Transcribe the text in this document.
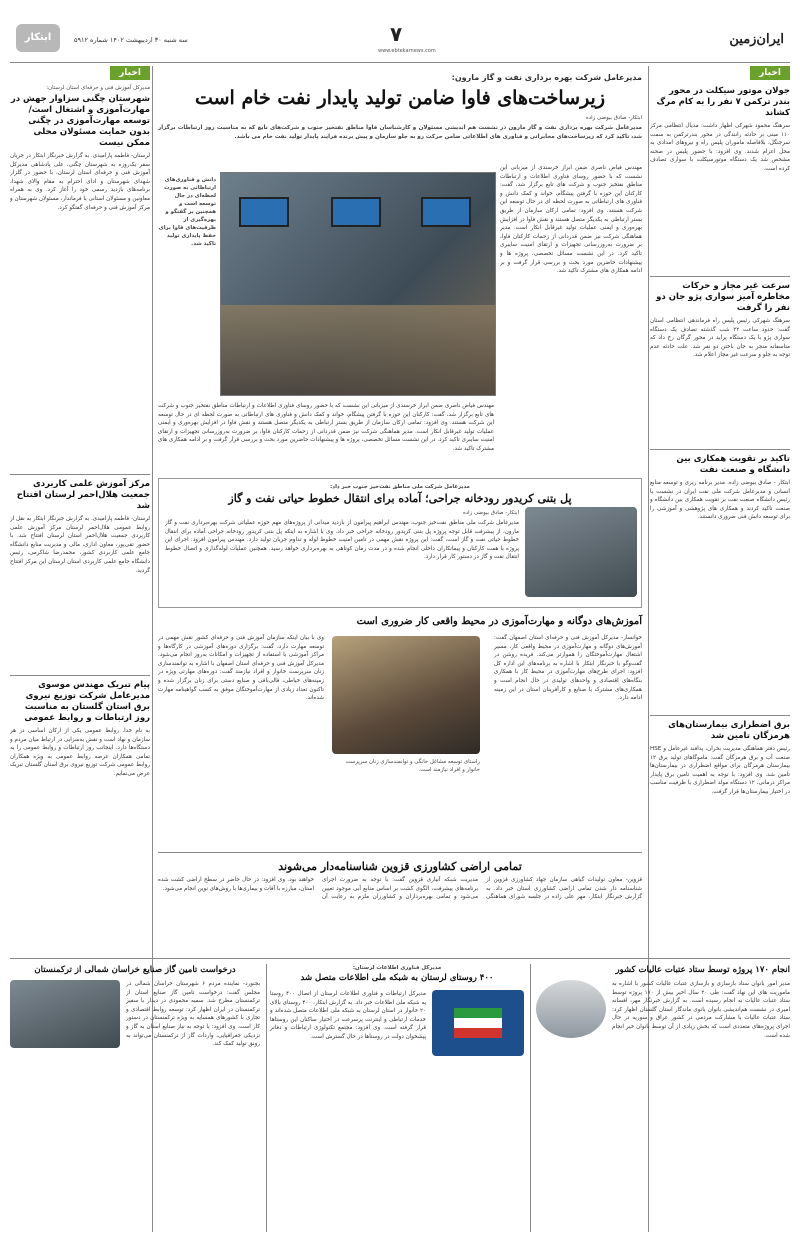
ایران‌زمین
۷
www.ebtekarnews.com
سه شنبه ۳۰ اردیبهشت ۱۴۰۲ شماره ۵۹۱۲
ابتکار
اخبار
جولان موتور سیکلت در محور بندر ترکمن ۷ نفر را به کام مرگ کشاند
سرهنگ محمود شهرکی اظهار داشت: مدیال انتظامی مرکز ۱۱۰ مبنی بر حادثه رانندگی در محور بندرترکمن به سمت سرجنگل، بلافاصله ماموران پلیس راه و نیروهای امدادی به محل اعزام شدند. وی افزود: با حضور پلیس در صحنه مشخص شد یک دستگاه موتورسیکلت با سواری تصادف کرده است.
سرعت غیر مجاز و حرکات مخاطره آمیز سواری پژو جان دو نفر را گرفت
سرهنگ شهرکی رئیس پلیس راه فرماندهی انتظامی استان گفت: حدود ساعت ۲۲ شب گذشته تصادف یک دستگاه سواری پژو با یک دستگاه پراید در محور گرگان رخ داد که متاسفانه منجر به جان باختن دو نفر شد. علت حادثه عدم توجه به جلو و سرعت غیر مجاز اعلام شد.
تاکید بر تقویت همکاری بین دانشگاه و صنعت نفت
ابتکار - صادق بیوضی زاده. مدیر برنامه ریزی و توسعه منابع انسانی و مدیرعامل شرکت ملی نفت ایران در نشست با رئیس دانشگاه صنعت نفت بر تقویت همکاری بین دانشگاه و صنعت تاکید کردند و همکاری های پژوهشی و آموزشی را برای توسعه دانش فنی ضروری دانستند.
برق اضطراری بیمارستان‌های هرمزگان تامین شد
رئیس دفتر هماهنگی مدیریت بحران، پدافند غیرعامل و HSE صنعت آب و برق هرمزگان گفت: ماموگاهای تولید برق ۱۲ بیمارستان هرمزگان برای مواقع اضطراری در بیمارستان‌ها تامین شد. وی افزود: با توجه به اهمیت تامین برق پایدار مراکز درمانی، ۱۲ دستگاه مولد اضطراری با ظرفیت مناسب در اختیار بیمارستان‌ها قرار گرفت.
اخبار
مدیرکل آموزش فنی و حرفه‌ای استان لرستان:
شهرستان چگنی سزاوار جهش در مهارت‌آموزی و اشتغال است/توسعه مهارت‌آموزی در چگنی بدون حمایت مسئولان محلی ممکن نیست
لرستان- فاطمه پارامیدی. به گزارش خبرنگار ابتکار در جریان سفر یک‌روزه به شهرستان چگنی، علی پادشاهی مدیرکل آموزش فنی و حرفه‌ای استان لرستان، با حضور در گلزار شهدای شهرستان و ادای احترام به مقام والای شهدا، برنامه‌های بازدید رسمی خود را آغاز کرد. وی به همراه معاونین و مسئولان استانی با فرماندار، مسئولان شهرستان و مرکز آموزش فنی و حرفه‌ای گفتگو کرد.
مرکز آموزش علمی کاربردی جمعیت هلال‌احمر لرستان افتتاح شد
لرستان- فاطمه پارامیدی. به گزارش خبرنگار ابتکار به نقل از روابط عمومی هلال‌احمر لرستان مرکز آموزش علمی کاربردی جمعیت هلال‌احمر استان لرستان افتتاح شد. با حضور تقی‌پور، معاون اداری، مالی و مدیریت منابع دانشگاه جامع علمی کاربردی کشور، محمدرضا شاکرمی، رئیس دانشگاه جامع علمی کاربردی استان لرستان این مرکز افتتاح گردید.
پیام تبریک مهندس موسوی مدیرعامل شرکت توزیع نیروی برق استان گلستان به مناسبت روز ارتباطات و روابط عمومی
به نام خدا. روابط عمومی یکی از ارکان اساسی در هر سازمان و نهاد است و نقش به‌سزایی در ارتباط میان مردم و دستگاه‌ها دارد. اینجانب روز ارتباطات و روابط عمومی را به تمامی همکاران عرصه روابط عمومی به ویژه همکاران روابط عمومی شرکت توزیع نیروی برق استان گلستان تبریک عرض می‌نمایم.
مدیرعامل شرکت بهره برداری نفت و گاز مارون:
زیرساخت‌های فاوا ضامن تولید پایدار نفت خام است
ابتکار- صادق بیوضی زاده
مدیرعامل شرکت بهره برداری نفت و گاز مارون در نشست هم اندیشی مسئولان و کارشناسان فاوا مناطق نفتخیز جنوب و شرکت‌های تابع که به مناسبت روز ارتباطات برگزار شد، تاکید کرد که زیرساخت‌های مخابراتی و فناوری های اطلاعاتی ضامن حرکت رو به جلو سازمان و پیش برنده فرایند پایدار تولید نفت خام می باشد.
مهندس فیاض ناصری ضمن ابراز خرسندی از میزبانی این نشست که با حضور روسای فناوری اطلاعات و ارتباطات مناطق نفتخیز جنوب و شرکت های تابع برگزار شد، گفت: کارکنان این حوزه با گرفتن پیشگام، خواند و کمک دانش و فناوری های ارتباطاتی به صورت لحظه ای در حال توسعه این شرکت هستند. وی افزود: تمامی ارکان سازمان از طریق بستر ارتباطی به یکدیگر متصل هستند و نقش فاوا در افزایش بهره‌وری و ایمنی عملیات تولید غیرقابل انکار است. مدیر هماهنگی شرکت نیز ضمن قدردانی از زحمات کارکنان فاوا، بر ضرورت به‌روزرسانی تجهیزات و ارتقای امنیت سایبری تاکید کرد. در این نشست مسائل تخصصی، پروژه ها و پیشنهادات حاضرین مورد بحث و بررسی قرار گرفت و بر ادامه همکاری های مشترک تاکید شد.
دانش و فناوری‌های ارتباطاتی به صورت لحظه‌ای در حال توسعه است و همچنین بر گفتگو و بهره‌گیری از ظرفیت‌های فاوا برای حفظ پایداری تولید تاکید شد.
مهندس فیاض ناصری ضمن ابراز خرسندی از میزبانی این نشست که با حضور روسای فناوری اطلاعات و ارتباطات مناطق نفتخیز جنوب و شرکت های تابع برگزار شد، گفت: کارکنان این حوزه با گرفتن پیشگام، خواند و کمک دانش و فناوری های ارتباطاتی به صورت لحظه ای در حال توسعه این شرکت هستند. وی افزود: تمامی ارکان سازمان از طریق بستر ارتباطی به یکدیگر متصل هستند و نقش فاوا در افزایش بهره‌وری و ایمنی عملیات تولید غیرقابل انکار است. مدیر هماهنگی شرکت نیز ضمن قدردانی از زحمات کارکنان فاوا، بر ضرورت به‌روزرسانی تجهیزات و ارتقای امنیت سایبری تاکید کرد. در این نشست مسائل تخصصی، پروژه ها و پیشنهادات حاضرین مورد بحث و بررسی قرار گرفت و بر ادامه همکاری های مشترک تاکید شد.
مدیرعامل شرکت ملی مناطق نفت‌خیز جنوب خبر داد:
پل بتنی کریدور رودخانه جراحی؛ آماده برای انتقال خطوط حیاتی نفت و گاز
ابتکار- صادق بیوضی زاده
مدیرعامل شرکت ملی مناطق نفت‌خیز جنوب، مهندس ابراهیم پیرامون از بازدید میدانی از پروژه‌های مهم حوزه عملیاتی شرکت بهره‌برداری نفت و گاز مارون، از پیشرفت قابل توجه پروژه پل بتنی کریدور رودخانه جراحی خبر داد. وی با اشاره به اینکه پل بتنی کریدور رودخانه جراحی آماده برای انتقال خطوط حیاتی نفت و گاز است، گفت: این پروژه نقش مهمی در تامین امنیت خطوط لوله و تداوم جریان تولید دارد. مهندس پیرامون افزود: اجرای این پروژه با همت کارکنان و پیمانکاران داخلی انجام شده و در مدت زمان کوتاهی به بهره‌برداری خواهد رسید. همچنین عملیات لوله‌گذاری و اتصال خطوط انتقال نفت و گاز در دستور کار قرار دارد.
آموزش‌های دوگانه و مهارت‌آموزی در محیط واقعی کار ضروری است
خوانسار- مدیرکل آموزش فنی و حرفه‌ای استان اصفهان گفت: آموزش‌های دوگانه و مهارت‌آموزی در محیط واقعی کار، مسیر اشتغال مهارت‌آموختگان را هموارتر می‌کند. فریده روشن در گفت‌وگو با خبرنگار ابتکار با اشاره به برنامه‌های این اداره کل افزود: اجرای طرح‌های مهارت‌آموزی در محیط کار با همکاری بنگاه‌های اقتصادی و واحدهای تولیدی در حال انجام است و همکاری‌های مشترک با صنایع و کارآفرینان استان در این زمینه ادامه دارد.
راستای توسعه مشاغل خانگی و توانمندسازی زنان سرپرست خانوار و افراد نیازمند است.
وی با بیان اینکه سازمان آموزش فنی و حرفه‌ای کشور نقش مهمی در توسعه مهارت دارد، گفت: برگزاری دوره‌های آموزشی در کارگاه‌ها و مراکز آموزشی با استفاده از تجهیزات و امکانات به‌روز انجام می‌شود. مدیرکل آموزش فنی و حرفه‌ای استان اصفهان با اشاره به توانمندسازی زنان سرپرست خانوار و افراد نیازمند گفت: دوره‌های مهارتی ویژه در زمینه‌های خیاطی، قالی‌بافی و صنایع دستی برای زنان برگزار شده و تاکنون تعداد زیادی از مهارت‌آموختگان موفق به کسب گواهینامه مهارت شده‌اند.
تمامی اراضی کشاورزی قزوین شناسنامه‌دار می‌شوند
قزوین- معاون تولیدات گیاهی سازمان جهاد کشاورزی قزوین از شناسنامه دار شدن تمامی اراضی کشاورزی استان خبر داد. به گزارش خبرنگار ابتکار، مهر علی زاده در جلسه شورای هماهنگی مدیریت شبکه آبیاری قزوین گفت: با توجه به ضرورت اجرای برنامه‌های پیشرفت، الگوی کشت بر اساس منابع آبی موجود تعیین می‌شود و تمامی بهره‌برداران و کشاورزان ملزم به رعایت آن خواهند بود. وی افزود: در حال حاضر در سطح اراضی کشت شده استان، مبارزه با آفات و بیماری‌ها با روش‌های نوین انجام می‌شود.
انجام ۱۷۰ پروژه توسط ستاد عتبات عالیات کشور
مدیر امور بانوان ستاد بازسازی و بازسازی عتبات عالیات کشور با اشاره به ماموریت های این نهاد گفت: طی ۲۰ سال اخیر بیش از ۱۷۰ پروژه توسط ستاد عتبات عالیات به انجام رسیده است. به گزارش خبرنگار مهر، افسانه امیری در نشست هم‌اندیشی بانوان بانوی ماندگار استان گلستان اظهار کرد: ستاد عتبات عالیات با مشارکت مردمی در کشور عراق و سوریه در حال اجرای پروژه‌های متعددی است که بخش زیادی از آن توسط بانوان خیر انجام شده است.
مدیرکل فناوری اطلاعات لرستان:
۴۰۰ روستای لرستان به شبکه ملی اطلاعات متصل شد
مدیرکل ارتباطات و فناوری اطلاعات لرستان از اتصال ۴۰۰ روستا به شبکه ملی اطلاعات خبر داد. به گزارش ابتکار، ۴۰۰ روستای بالای ۲۰ خانوار در استان لرستان به شبکه ملی اطلاعات متصل شده‌اند و خدمات ارتباطی و اینترنت پرسرعت در اختیار ساکنان این روستاها قرار گرفته است. وی افزود: مجتمع تکنولوژی ارتباطات و دفاتر پیشخوان دولت در روستاها در حال گسترش است.
درخواست تامین گاز صنایع خراسان شمالی از ترکمنستان
بجنورد- نماینده مردم ۶ شهرستان خراسان شمالی در مجلس گفت: درخواست تامین گاز صنایع استان از ترکمنستان مطرح شد. سمیه محمودی در دیدار با سفیر ترکمنستان در ایران اظهار کرد: توسعه روابط اقتصادی و تجاری با کشورهای همسایه به ویژه ترکمنستان در دستور کار است. وی افزود: با توجه به نیاز صنایع استان به گاز و نزدیکی جغرافیایی، واردات گاز از ترکمنستان می‌تواند به رونق تولید کمک کند.
